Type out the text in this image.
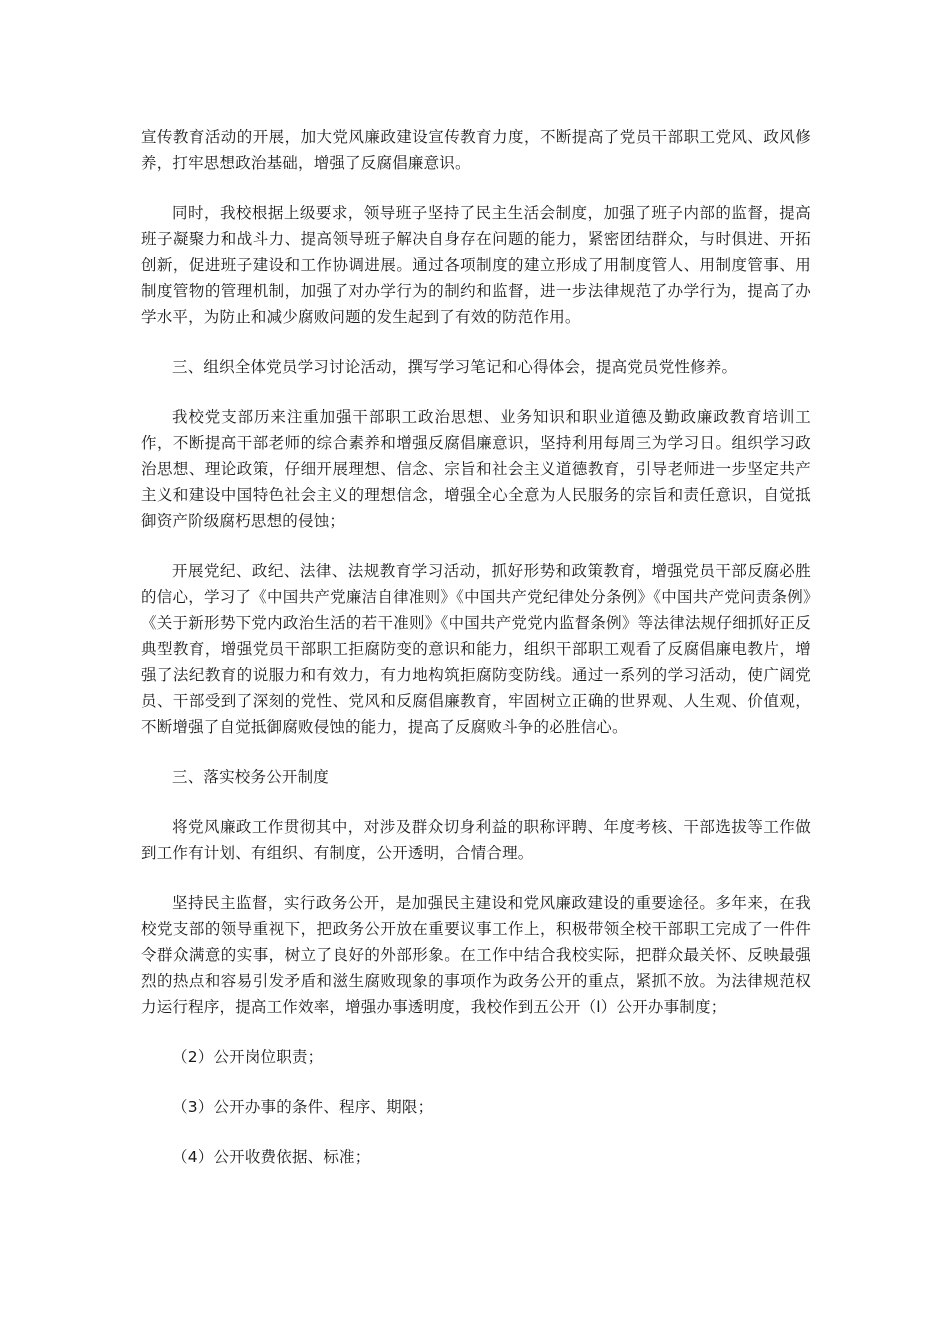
宣传教育活动的开展，加大党风廉政建设宣传教育力度，不断提高了党员干部职工党风、政风修养，打牢思想政治基础，增强了反腐倡廉意识。

同时，我校根据上级要求，领导班子坚持了民主生活会制度，加强了班子内部的监督，提高班子凝聚力和战斗力、提高领导班子解决自身存在问题的能力，紧密团结群众，与时俱进、开拓创新，促进班子建设和工作协调进展。通过各项制度的建立形成了用制度管人、用制度管事、用制度管物的管理机制，加强了对办学行为的制约和监督，进一步法律规范了办学行为，提高了办学水平，为防止和减少腐败问题的发生起到了有效的防范作用。

三、组织全体党员学习讨论活动，撰写学习笔记和心得体会，提高党员党性修养。

我校党支部历来注重加强干部职工政治思想、业务知识和职业道德及勤政廉政教育培训工作，不断提高干部老师的综合素养和增强反腐倡廉意识，坚持利用每周三为学习日。组织学习政治思想、理论政策，仔细开展理想、信念、宗旨和社会主义道德教育，引导老师进一步坚定共产主义和建设中国特色社会主义的理想信念，增强全心全意为人民服务的宗旨和责任意识，自觉抵御资产阶级腐朽思想的侵蚀；

开展党纪、政纪、法律、法规教育学习活动，抓好形势和政策教育，增强党员干部反腐必胜的信心，学习了《中国共产党廉洁自律准则》《中国共产党纪律处分条例》《中国共产党问责条例》《关于新形势下党内政治生活的若干准则》《中国共产党党内监督条例》等法律法规仔细抓好正反典型教育，增强党员干部职工拒腐防变的意识和能力，组织干部职工观看了反腐倡廉电教片，增强了法纪教育的说服力和有效力，有力地构筑拒腐防变防线。通过一系列的学习活动，使广阔党员、干部受到了深刻的党性、党风和反腐倡廉教育，牢固树立正确的世界观、人生观、价值观，不断增强了自觉抵御腐败侵蚀的能力，提高了反腐败斗争的必胜信心。

三、落实校务公开制度

将党风廉政工作贯彻其中，对涉及群众切身利益的职称评聘、年度考核、干部选拔等工作做到工作有计划、有组织、有制度，公开透明，合情合理。

坚持民主监督，实行政务公开，是加强民主建设和党风廉政建设的重要途径。多年来，在我校党支部的领导重视下，把政务公开放在重要议事工作上，积极带领全校干部职工完成了一件件令群众满意的实事，树立了良好的外部形象。在工作中结合我校实际，把群众最关怀、反映最强烈的热点和容易引发矛盾和滋生腐败现象的事项作为政务公开的重点，紧抓不放。为法律规范权力运行程序，提高工作效率，增强办事透明度，我校作到五公开（l）公开办事制度；

（2）公开岗位职责；

（3）公开办事的条件、程序、期限；

（4）公开收费依据、标准；
